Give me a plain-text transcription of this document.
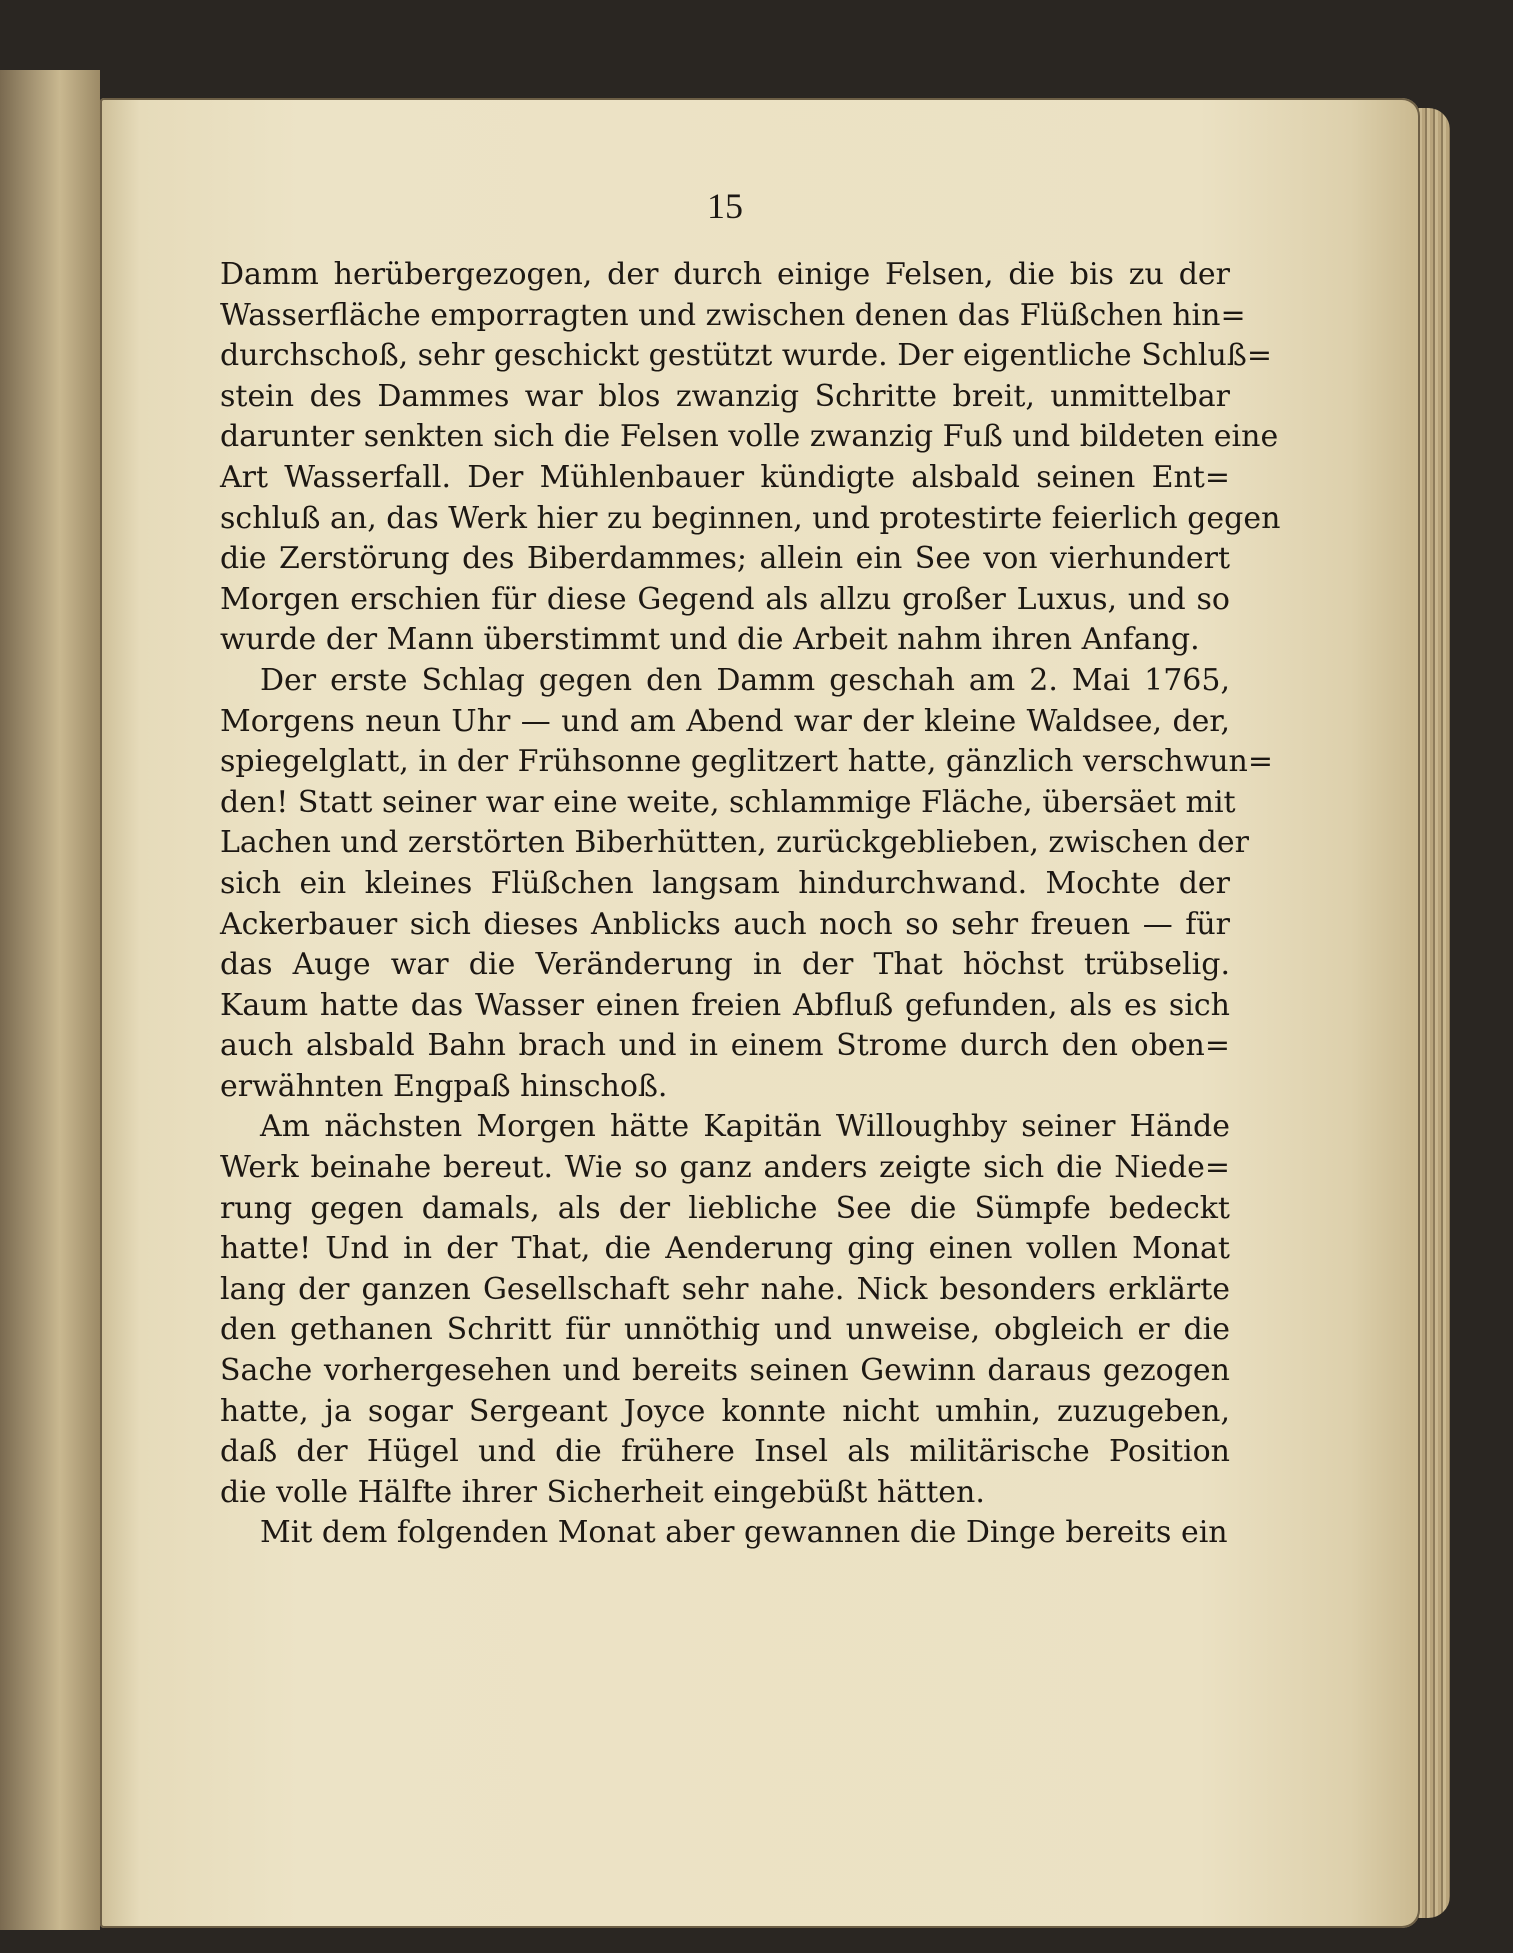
15
Damm herübergezogen, der durch einige Felsen, die bis zu der
Wasserfläche emporragten und zwischen denen das Flüßchen hin=
durchschoß, sehr geschickt gestützt wurde. Der eigentliche Schluß=
stein des Dammes war blos zwanzig Schritte breit, unmittelbar
darunter senkten sich die Felsen volle zwanzig Fuß und bildeten eine
Art Wasserfall. Der Mühlenbauer kündigte alsbald seinen Ent=
schluß an, das Werk hier zu beginnen, und protestirte feierlich gegen
die Zerstörung des Biberdammes; allein ein See von vierhundert
Morgen erschien für diese Gegend als allzu großer Luxus, und so
wurde der Mann überstimmt und die Arbeit nahm ihren Anfang.
Der erste Schlag gegen den Damm geschah am 2. Mai 1765,
Morgens neun Uhr — und am Abend war der kleine Waldsee, der,
spiegelglatt, in der Frühsonne geglitzert hatte, gänzlich verschwun=
den! Statt seiner war eine weite, schlammige Fläche, übersäet mit
Lachen und zerstörten Biberhütten, zurückgeblieben, zwischen der
sich ein kleines Flüßchen langsam hindurchwand. Mochte der
Ackerbauer sich dieses Anblicks auch noch so sehr freuen — für
das Auge war die Veränderung in der That höchst trübselig.
Kaum hatte das Wasser einen freien Abfluß gefunden, als es sich
auch alsbald Bahn brach und in einem Strome durch den oben=
erwähnten Engpaß hinschoß.
Am nächsten Morgen hätte Kapitän Willoughby seiner Hände
Werk beinahe bereut. Wie so ganz anders zeigte sich die Niede=
rung gegen damals, als der liebliche See die Sümpfe bedeckt
hatte! Und in der That, die Aenderung ging einen vollen Monat
lang der ganzen Gesellschaft sehr nahe. Nick besonders erklärte
den gethanen Schritt für unnöthig und unweise, obgleich er die
Sache vorhergesehen und bereits seinen Gewinn daraus gezogen
hatte, ja sogar Sergeant Joyce konnte nicht umhin, zuzugeben,
daß der Hügel und die frühere Insel als militärische Position
die volle Hälfte ihrer Sicherheit eingebüßt hätten.
Mit dem folgenden Monat aber gewannen die Dinge bereits ein
